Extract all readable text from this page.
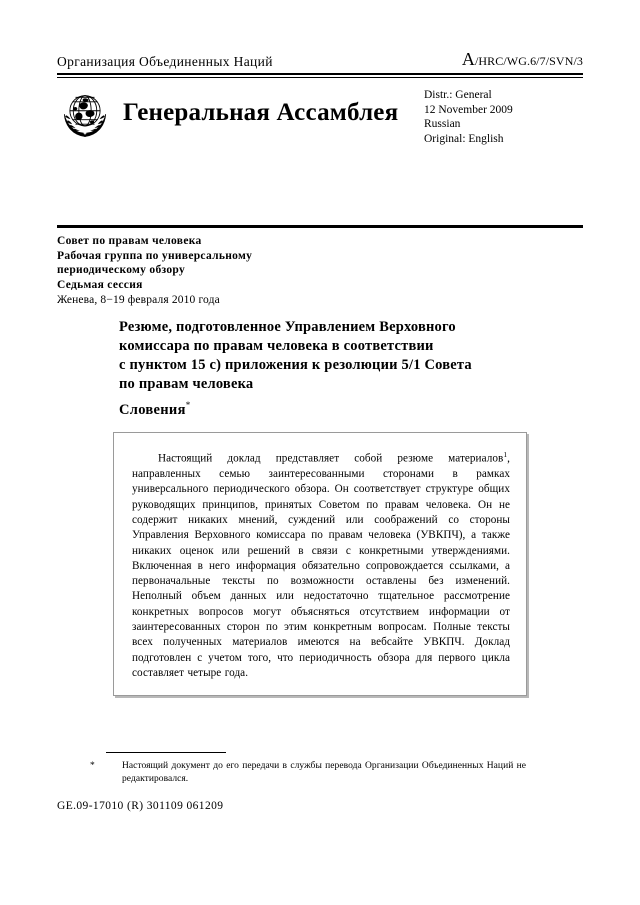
Организация Объединенных Наций	A/HRC/WG.6/7/SVN/3
Генеральная Ассамблея
Distr.: General
12 November 2009
Russian
Original: English
Совет по правам человека
Рабочая группа по универсальному
периодическому обзору
Седьмая сессия
Женева, 8−19 февраля 2010 года
Резюме, подготовленное Управлением Верховного
комиссара по правам человека в соответствии
с пунктом 15 c) приложения к резолюции 5/1 Совета
по правам человека
Словения*

Настоящий доклад представляет собой резюме материалов$^1$, направленных семью заинтересованными сторонами в рамках универсального периодического обзора. Он соответствует структуре общих руководящих принципов, принятых Советом по правам человека. Он не содержит никаких мнений, суждений или соображений со стороны Управления Верховного комиссара по правам человека (УВКПЧ), а также никаких оценок или решений в связи с конкретными утверждениями. Включенная в него информация обязательно сопровождается ссылками, а первоначальные тексты по возможности оставлены без изменений. Неполный объем данных или недостаточно тщательное рассмотрение конкретных вопросов могут объясняться отсутствием информации от заинтересованных сторон по этим конкретным вопросам. Полные тексты всех полученных материалов имеются на вебсайте УВКПЧ. Доклад подготовлен с учетом того, что периодичность обзора для первого цикла составляет четыре года.

*	Настоящий документ до его передачи в службы перевода Организации Объединенных Наций не редактировался.
GE.09-17010 (R) 301109 061209
